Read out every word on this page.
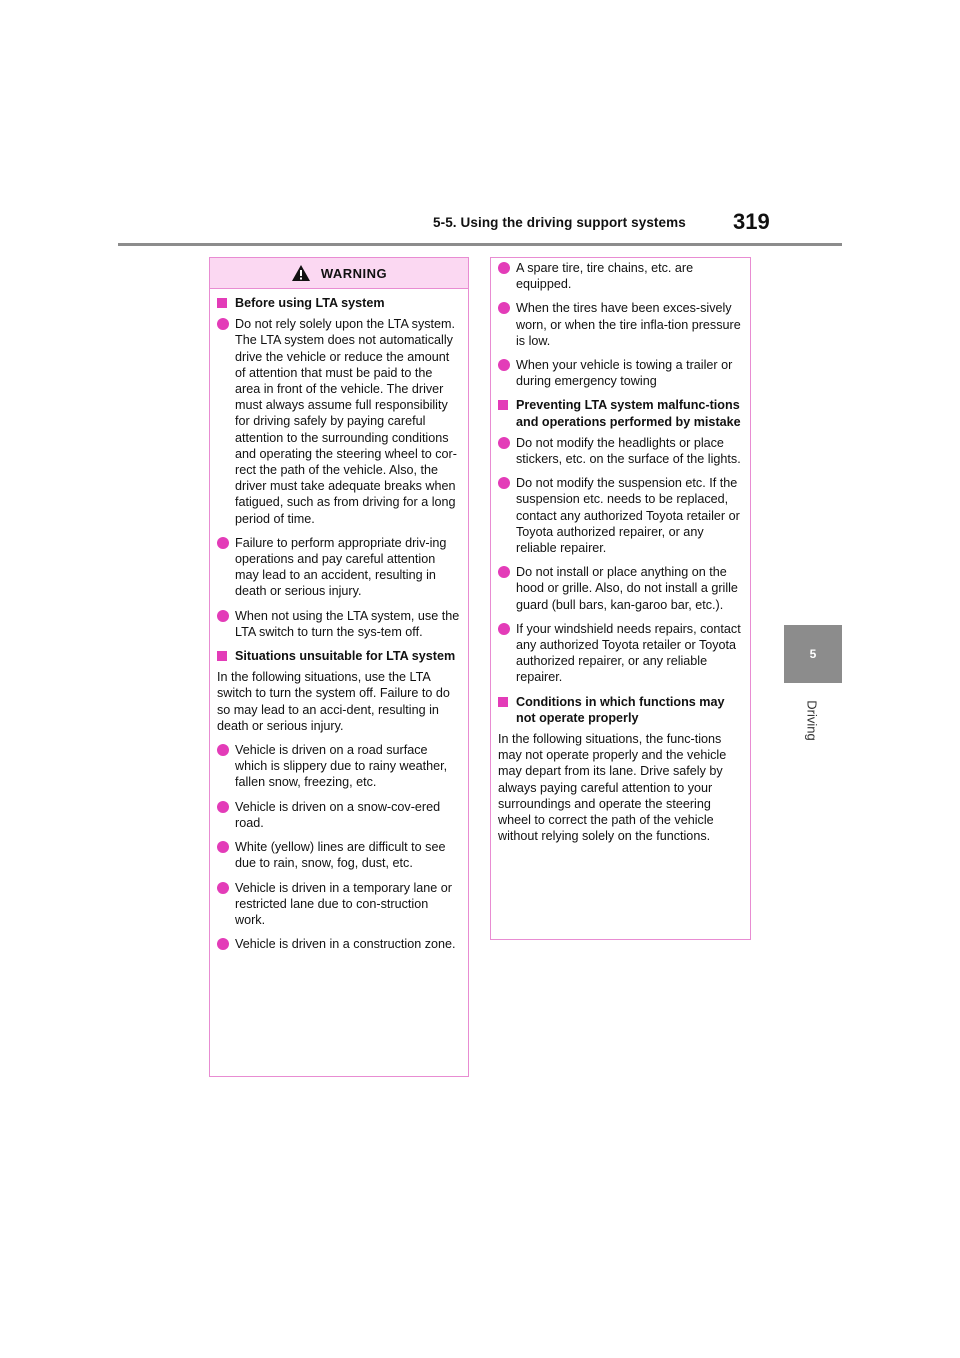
5-5. Using the driving support systems 319
5
Driving
WARNING
Before using LTA system
Do not rely solely upon the LTA system. The LTA system does not automatically drive the vehicle or reduce the amount of attention that must be paid to the area in front of the vehicle. The driver must always assume full responsibility for driving safely by paying careful attention to the surrounding conditions and operating the steering wheel to cor-rect the path of the vehicle. Also, the driver must take adequate breaks when fatigued, such as from driving for a long period of time.
Failure to perform appropriate driv-ing operations and pay careful attention may lead to an accident, resulting in death or serious injury.
When not using the LTA system, use the LTA switch to turn the sys-tem off.
Situations unsuitable for LTA system
In the following situations, use the LTA switch to turn the system off. Failure to do so may lead to an acci-dent, resulting in death or serious injury.
Vehicle is driven on a road surface which is slippery due to rainy weather, fallen snow, freezing, etc.
Vehicle is driven on a snow-cov-ered road.
White (yellow) lines are difficult to see due to rain, snow, fog, dust, etc.
Vehicle is driven in a temporary lane or restricted lane due to con-struction work.
Vehicle is driven in a construction zone.
A spare tire, tire chains, etc. are equipped.
When the tires have been exces-sively worn, or when the tire infla-tion pressure is low.
When your vehicle is towing a trailer or during emergency towing
Preventing LTA system malfunc-tions and operations performed by mistake
Do not modify the headlights or place stickers, etc. on the surface of the lights.
Do not modify the suspension etc. If the suspension etc. needs to be replaced, contact any authorized Toyota retailer or Toyota authorized repairer, or any reliable repairer.
Do not install or place anything on the hood or grille. Also, do not install a grille guard (bull bars, kan-garoo bar, etc.).
If your windshield needs repairs, contact any authorized Toyota retailer or Toyota authorized repairer, or any reliable repairer.
Conditions in which functions may not operate properly
In the following situations, the func-tions may not operate properly and the vehicle may depart from its lane. Drive safely by always paying careful attention to your surroundings and operate the steering wheel to correct the path of the vehicle without relying solely on the functions.
